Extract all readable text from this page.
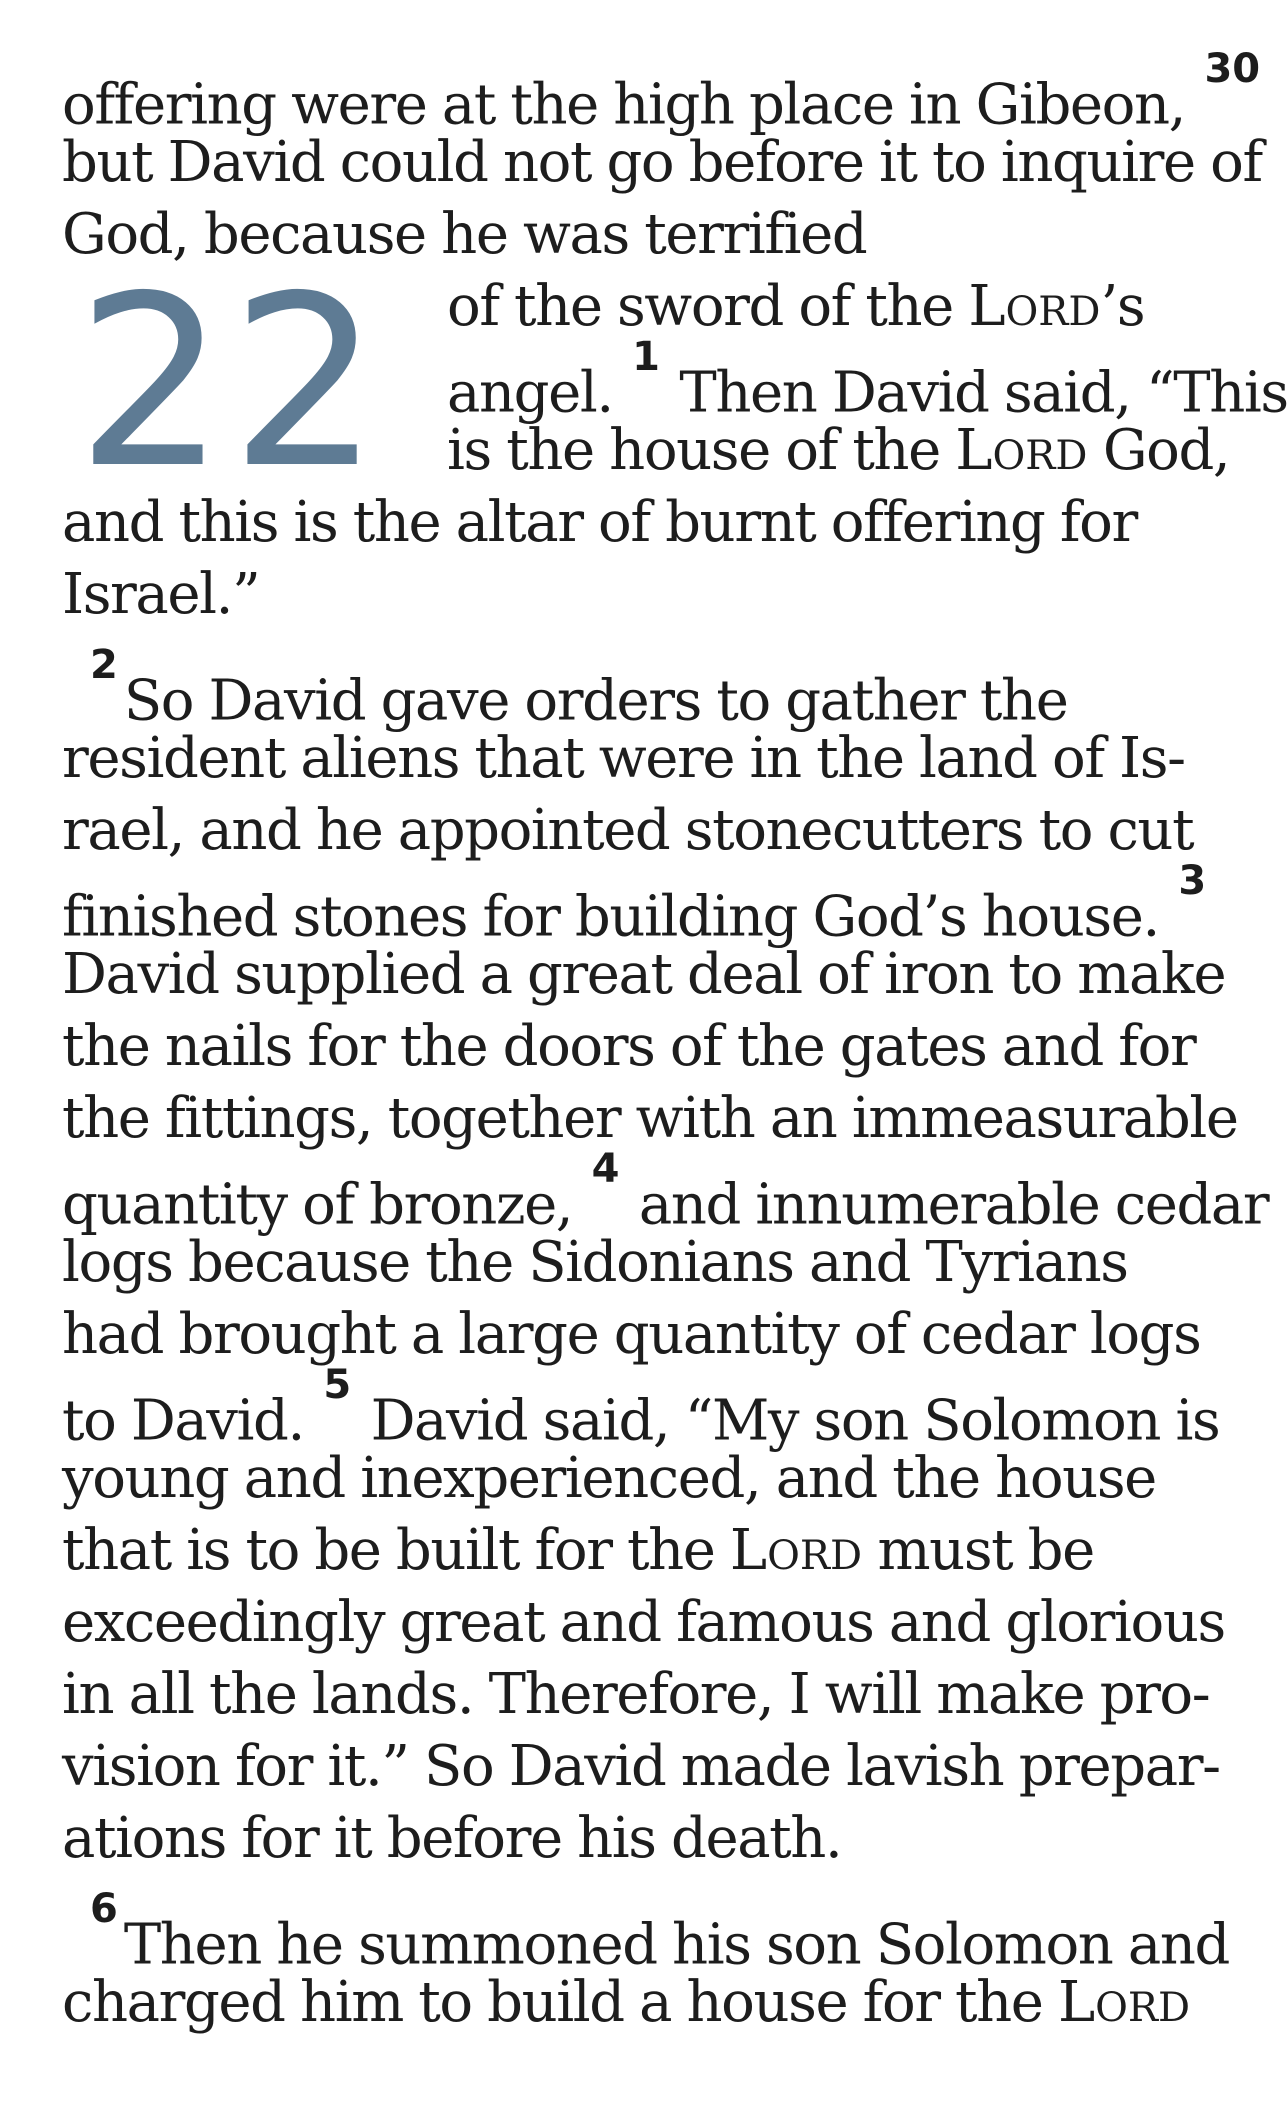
offering were at the high place in Gibeon, $^{30}$
but David could not go before it to inquire of
God, because he was terrified
22 of the sword of the LORD’s
angel. $^1$ Then David said, “This
is the house of the LORD God,
and this is the altar of burnt offering for
Israel.”
$^2$So David gave orders to gather the
resident aliens that were in the land of Is-
rael, and he appointed stonecutters to cut
finished stones for building God’s house. $^3$
David supplied a great deal of iron to make
the nails for the doors of the gates and for
the fittings, together with an immeasurable
quantity of bronze, $^4$ and innumerable cedar
logs because the Sidonians and Tyrians
had brought a large quantity of cedar logs
to David. $^5$ David said, “My son Solomon is
young and inexperienced, and the house
that is to be built for the LORD must be
exceedingly great and famous and glorious
in all the lands. Therefore, I will make pro-
vision for it.” So David made lavish prepar-
ations for it before his death.
$^6$Then he summoned his son Solomon and
charged him to build a house for the LORD
